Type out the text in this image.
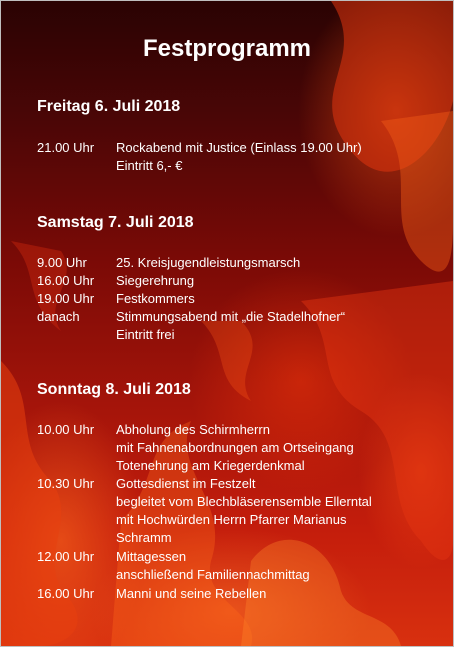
Festprogramm
Freitag 6. Juli 2018
21.00 Uhr Rockabend mit Justice (Einlass 19.00 Uhr)
Eintritt 6,- €
Samstag 7. Juli 2018
9.00 Uhr 25. Kreisjugendleistungsmarsch
16.00 Uhr Siegerehrung
19.00 Uhr Festkommers
danach	Stimmungsabend mit „die Stadelhofner“
Eintritt frei
Sonntag 8. Juli 2018
10.00 Uhr Abholung des Schirmherrn
mit Fahnenabordnungen am Ortseingang
Totenehrung am Kriegerdenkmal
10.30 Uhr Gottesdienst im Festzelt
begleitet vom Blechbläserensemble Ellerntal
mit Hochwürden Herrn Pfarrer Marianus
Schramm
12.00 Uhr Mittagessen
anschließend Familiennachmittag
16.00 Uhr Manni und seine Rebellen
